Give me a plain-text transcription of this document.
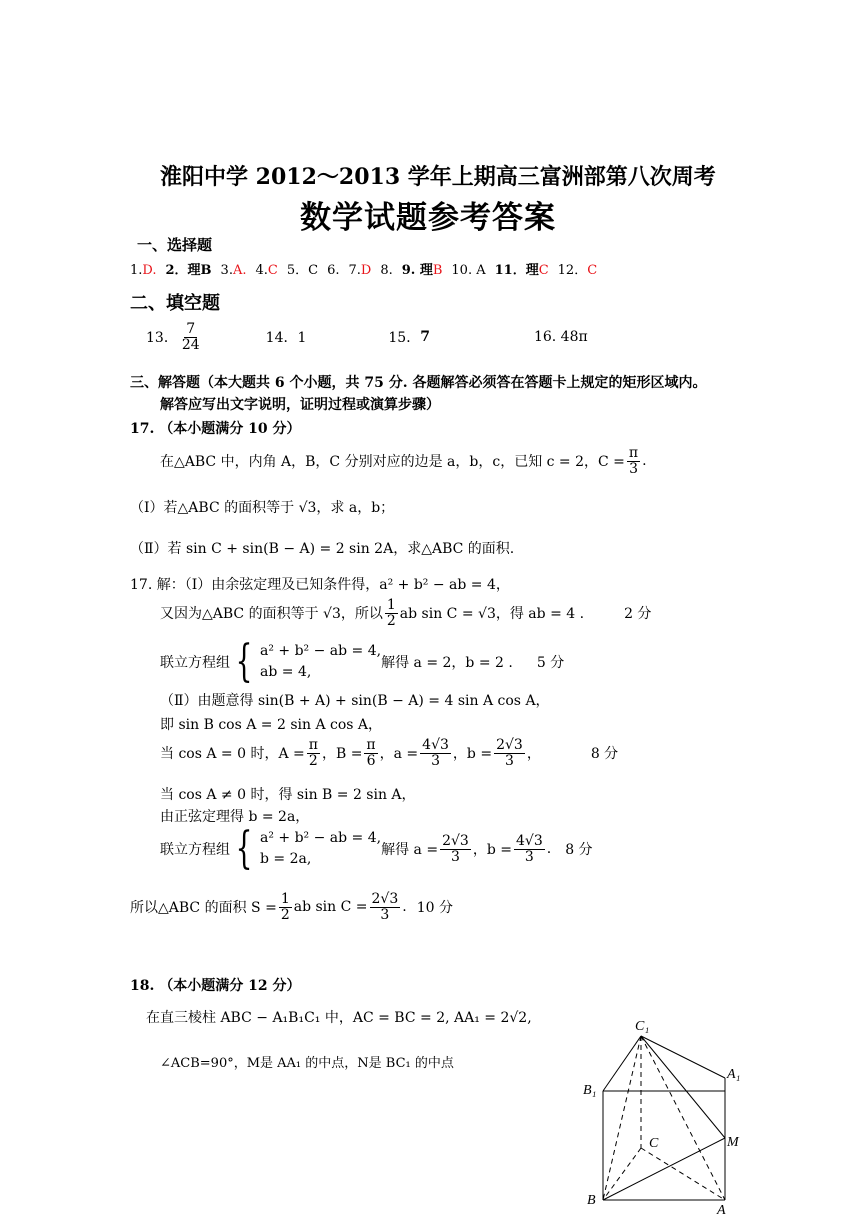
淮阳中学 2012～2013 学年上期高三富洲部第八次周考
数学试题参考答案
一、选择题
1.D. 2．理B 3.A. 4.C 5．C 6. 7.D 8. 9. 理B 10. A 11．理C 12．C
二、填空题
13． $\frac{7}{24}$	14．1	15． 7	16. 48π
三、解答题（本大题共 6 个小题，共 75 分. 各题解答必须答在答题卡上规定的矩形区域内。
解答应写出文字说明，证明过程或演算步骤）
17. （本小题满分 10 分）
在△ABC 中，内角 A，B，C 分别对应的边是 a，b，c，已知 c = 2，$C = \frac{\pi}{3}$ .
（Ⅰ）若△ABC 的面积等于 √3，求 a，b；
（Ⅱ）若 sin C + sin(B − A) = 2 sin 2A，求△ABC 的面积.
17. 解：（Ⅰ）由余弦定理及已知条件得，a² + b² − ab = 4，
又因为△ABC 的面积等于 √3，所以 $\frac{1}{2}$ ab sin C = √3，得 ab = 4 .	2 分
联立方程组 { a² + b² − ab = 4,
ab = 4,
解得 a = 2，b = 2 . 5 分
（Ⅱ）由题意得 sin(B + A) + sin(B − A) = 4 sin A cos A，
即 sin B cos A = 2 sin A cos A，
当 cos A = 0 时，$A = \frac{\pi}{2}$ ，$B = \frac{\pi}{6}$ ，$a = \frac{4√3}{3}$ ，$b = \frac{2√3}{3}$ ，	8 分
当 cos A ≠ 0 时，得 sin B = 2 sin A，
由正弦定理得 b = 2a，
联立方程组 { a² + b² − ab = 4,
b = 2a,
解得 $a = \frac{2√3}{3}$ ，$b = \frac{4√3}{3}$ . 8 分
所以△ABC 的面积 $S = \frac{1}{2}$ ab $\sin C = \frac{2√3}{3}$ . 10 分
18. （本小题满分 12 分）
在直三棱柱 ABC − A₁B₁C₁ 中，AC = BC = 2, AA₁ = 2√2,
∠ACB=90°，M是 AA₁ 的中点，N是 BC₁ 的中点
C₁
A₁
B₁
C	M
B
A
